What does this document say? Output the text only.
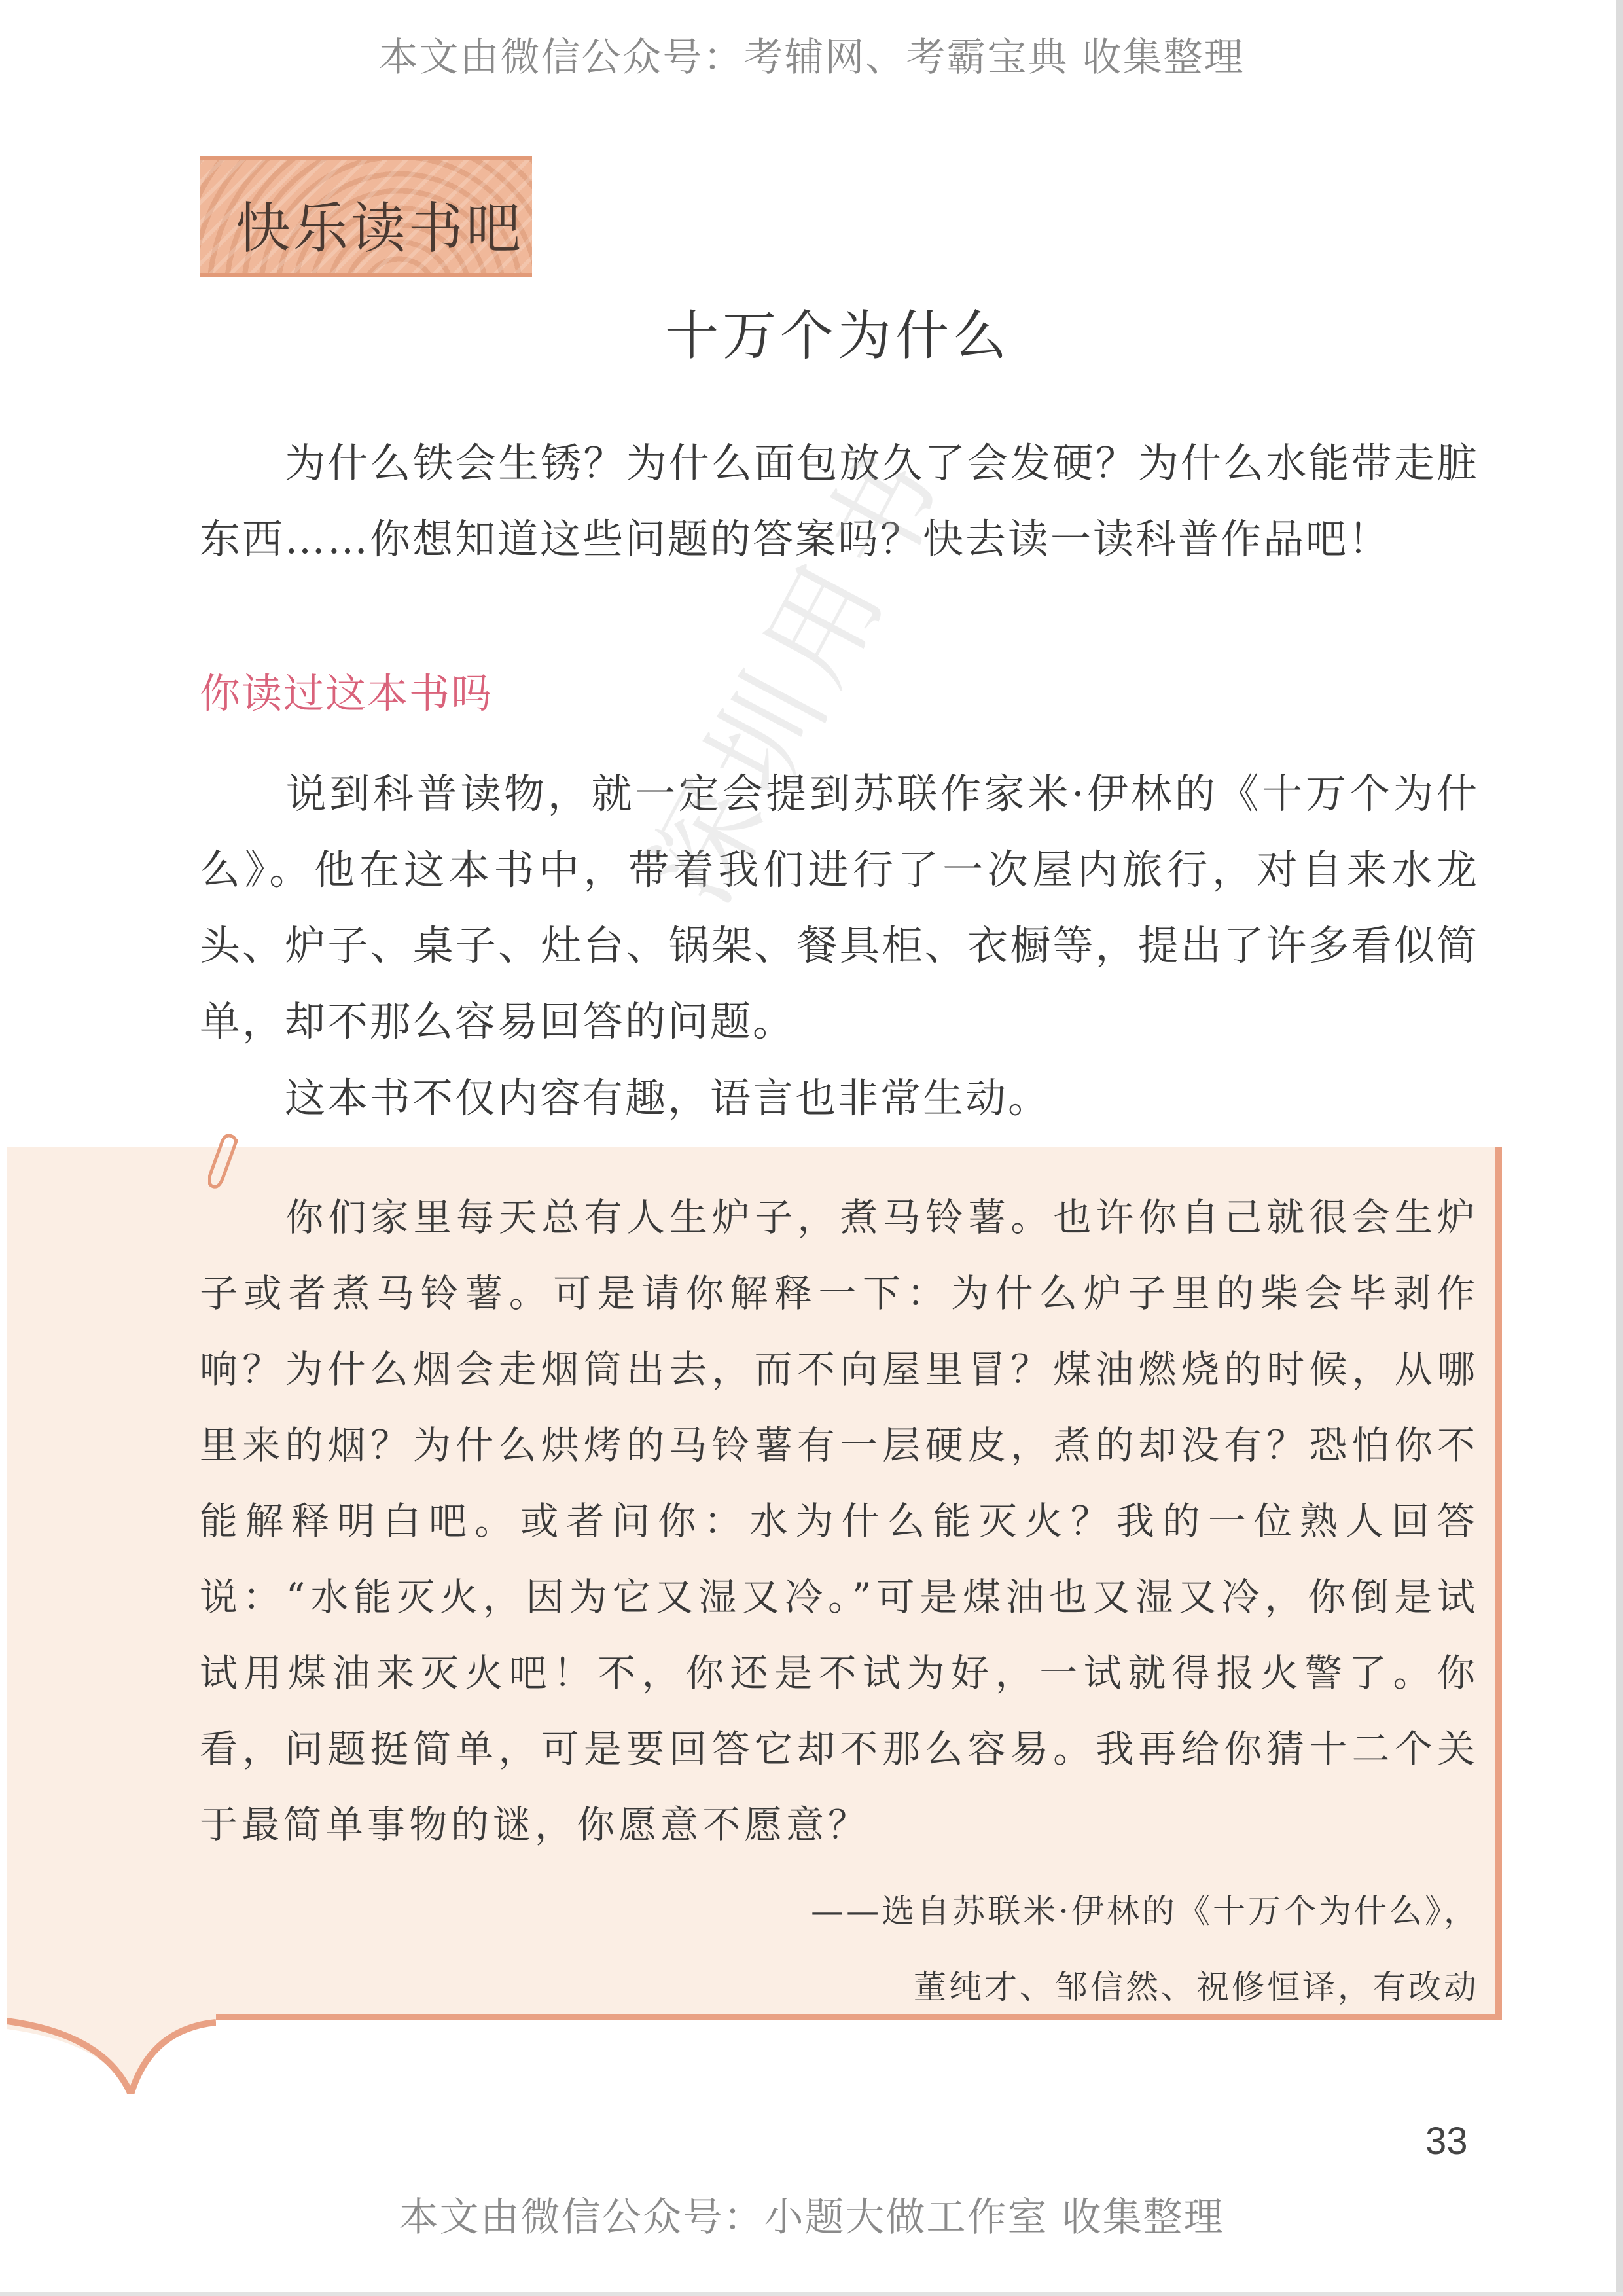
本文由微信公众号：考辅网、考霸宝典 收集整理
快乐读书吧
十万个为什么
为什么铁会生锈？为什么面包放久了会发硬？为什么水能带走脏东西……你想知道这些问题的答案吗？快去读一读科普作品吧！
你读过这本书吗
说到科普读物，就一定会提到苏联作家米·伊林的《十万个为什么》。他在这本书中，带着我们进行了一次屋内旅行，对自来水龙头、炉子、桌子、灶台、锅架、餐具柜、衣橱等，提出了许多看似简单，却不那么容易回答的问题。
这本书不仅内容有趣，语言也非常生动。
深圳用书
你们家里每天总有人生炉子，煮马铃薯。也许你自己就很会生炉子或者煮马铃薯。可是请你解释一下：为什么炉子里的柴会毕剥作响？为什么烟会走烟筒出去，而不向屋里冒？煤油燃烧的时候，从哪里来的烟？为什么烘烤的马铃薯有一层硬皮，煮的却没有？恐怕你不能解释明白吧。或者问你：水为什么能灭火？我的一位熟人回答说：“水能灭火，因为它又湿又冷。”可是煤油也又湿又冷，你倒是试试用煤油来灭火吧！不，你还是不试为好，一试就得报火警了。你看，问题挺简单，可是要回答它却不那么容易。我再给你猜十二个关于最简单事物的谜，你愿意不愿意？
——选自苏联米·伊林的《十万个为什么》，
董纯才、邹信然、祝修恒译，有改动
33
本文由微信公众号：小题大做工作室 收集整理
